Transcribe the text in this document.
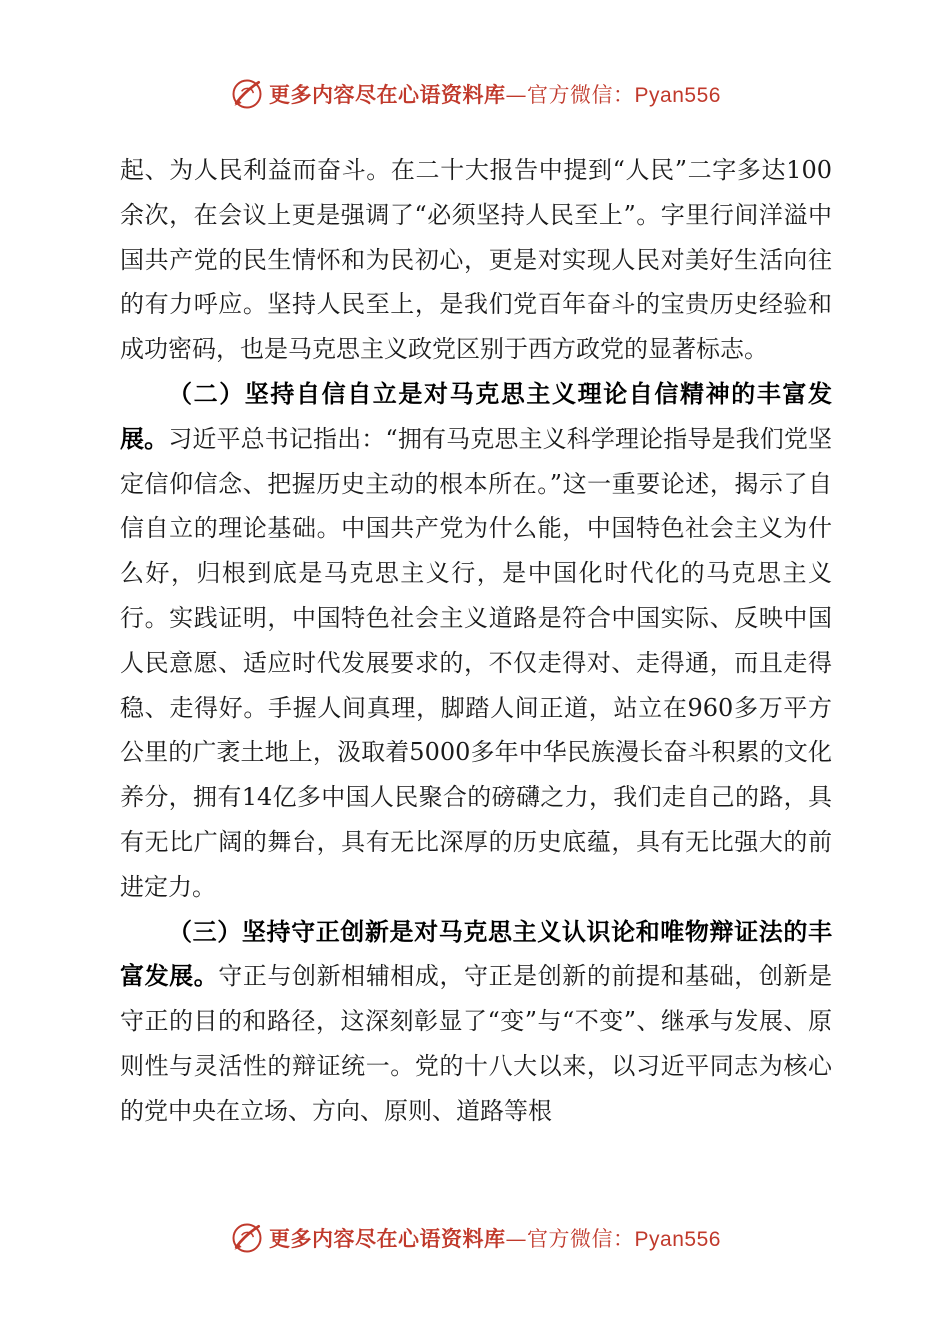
更多内容尽在心语资料库—官方微信：Pyan556

起、为人民利益而奋斗。在二十大报告中提到“人民”二字多达100余次，在会议上更是强调了“必须坚持人民至上”。字里行间洋溢中国共产党的民生情怀和为民初心，更是对实现人民对美好生活向往的有力呼应。坚持人民至上，是我们党百年奋斗的宝贵历史经验和成功密码，也是马克思主义政党区别于西方政党的显著标志。

（二）坚持自信自立是对马克思主义理论自信精神的丰富发展。习近平总书记指出：“拥有马克思主义科学理论指导是我们党坚定信仰信念、把握历史主动的根本所在。”这一重要论述，揭示了自信自立的理论基础。中国共产党为什么能，中国特色社会主义为什么好，归根到底是马克思主义行，是中国化时代化的马克思主义行。实践证明，中国特色社会主义道路是符合中国实际、反映中国人民意愿、适应时代发展要求的，不仅走得对、走得通，而且走得稳、走得好。手握人间真理，脚踏人间正道，站立在960多万平方公里的广袤土地上，汲取着5000多年中华民族漫长奋斗积累的文化养分，拥有14亿多中国人民聚合的磅礴之力，我们走自己的路，具有无比广阔的舞台，具有无比深厚的历史底蕴，具有无比强大的前进定力。

（三）坚持守正创新是对马克思主义认识论和唯物辩证法的丰富发展。守正与创新相辅相成，守正是创新的前提和基础，创新是守正的目的和路径，这深刻彰显了“变”与“不变”、继承与发展、原则性与灵活性的辩证统一。党的十八大以来，以习近平同志为核心的党中央在立场、方向、原则、道路等根

更多内容尽在心语资料库—官方微信：Pyan556
